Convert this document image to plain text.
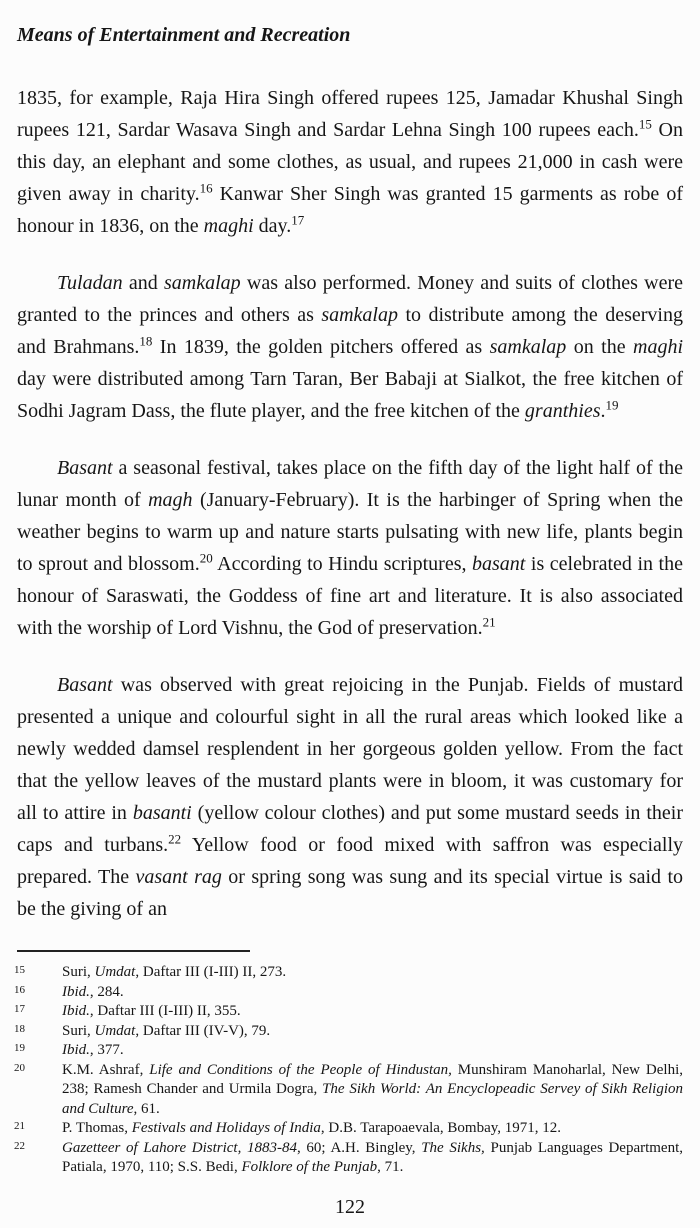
Means of Entertainment and Recreation

1835, for example, Raja Hira Singh offered rupees 125, Jamadar Khushal Singh rupees 121, Sardar Wasava Singh and Sardar Lehna Singh 100 rupees each.$^{15}$ On this day, an elephant and some clothes, as usual, and rupees 21,000 in cash were given away in charity.$^{16}$ Kanwar Sher Singh was granted 15 garments as robe of honour in 1836, on the maghi day.$^{17}$

Tuladan and samkalap was also performed. Money and suits of clothes were granted to the princes and others as samkalap to distribute among the deserving and Brahmans.$^{18}$ In 1839, the golden pitchers offered as samkalap on the maghi day were distributed among Tarn Taran, Ber Babaji at Sialkot, the free kitchen of Sodhi Jagram Dass, the flute player, and the free kitchen of the granthies.$^{19}$

Basant a seasonal festival, takes place on the fifth day of the light half of the lunar month of magh (January-February). It is the harbinger of Spring when the weather begins to warm up and nature starts pulsating with new life, plants begin to sprout and blossom.$^{20}$ According to Hindu scriptures, basant is celebrated in the honour of Saraswati, the Goddess of fine art and literature. It is also associated with the worship of Lord Vishnu, the God of preservation.$^{21}$

Basant was observed with great rejoicing in the Punjab. Fields of mustard presented a unique and colourful sight in all the rural areas which looked like a newly wedded damsel resplendent in her gorgeous golden yellow. From the fact that the yellow leaves of the mustard plants were in bloom, it was customary for all to attire in basanti (yellow colour clothes) and put some mustard seeds in their caps and turbans.$^{22}$ Yellow food or food mixed with saffron was especially prepared. The vasant rag or spring song was sung and its special virtue is said to be the giving of an

15 Suri, Umdat, Daftar III (I-III) II, 273.
16 Ibid., 284.
17 Ibid., Daftar III (I-III) II, 355.
18 Suri, Umdat, Daftar III (IV-V), 79.
19 Ibid., 377.
20 K.M. Ashraf, Life and Conditions of the People of Hindustan, Munshiram Manoharlal, New Delhi, 238; Ramesh Chander and Urmila Dogra, The Sikh World: An Encyclopeadic Servey of Sikh Religion and Culture, 61.
21 P. Thomas, Festivals and Holidays of India, D.B. Tarapoaevala, Bombay, 1971, 12.
22 Gazetteer of Lahore District, 1883-84, 60; A.H. Bingley, The Sikhs, Punjab Languages Department, Patiala, 1970, 110; S.S. Bedi, Folklore of the Punjab, 71.
122
